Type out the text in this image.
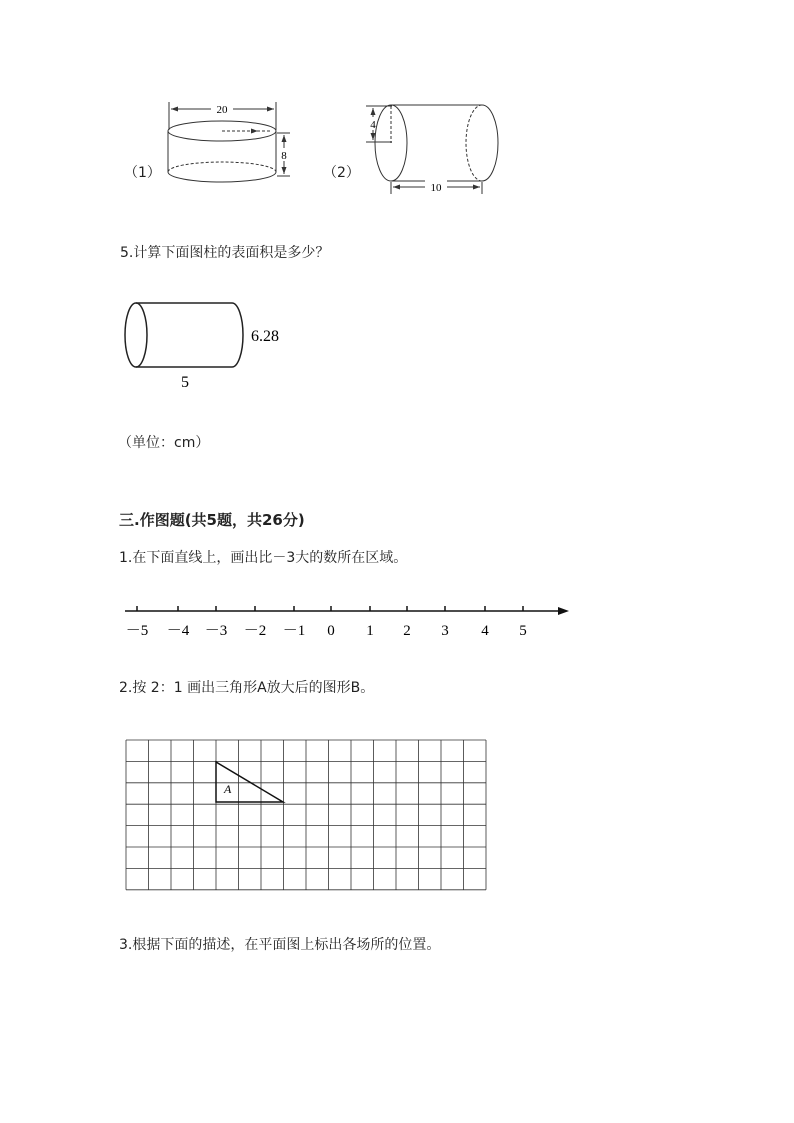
（1）
20
8
4
10
（2）
5.计算下面图柱的表面积是多少？
6.28
5
（单位：cm）
三.作图题(共5题，共26分)
1.在下面直线上，画出比－3大的数所在区域。
－5 －4 －3 －2 －1 0 1 2 3 4 5
2.按 2：1 画出三角形A放大后的图形B。
A
3.根据下面的描述，在平面图上标出各场所的位置。
